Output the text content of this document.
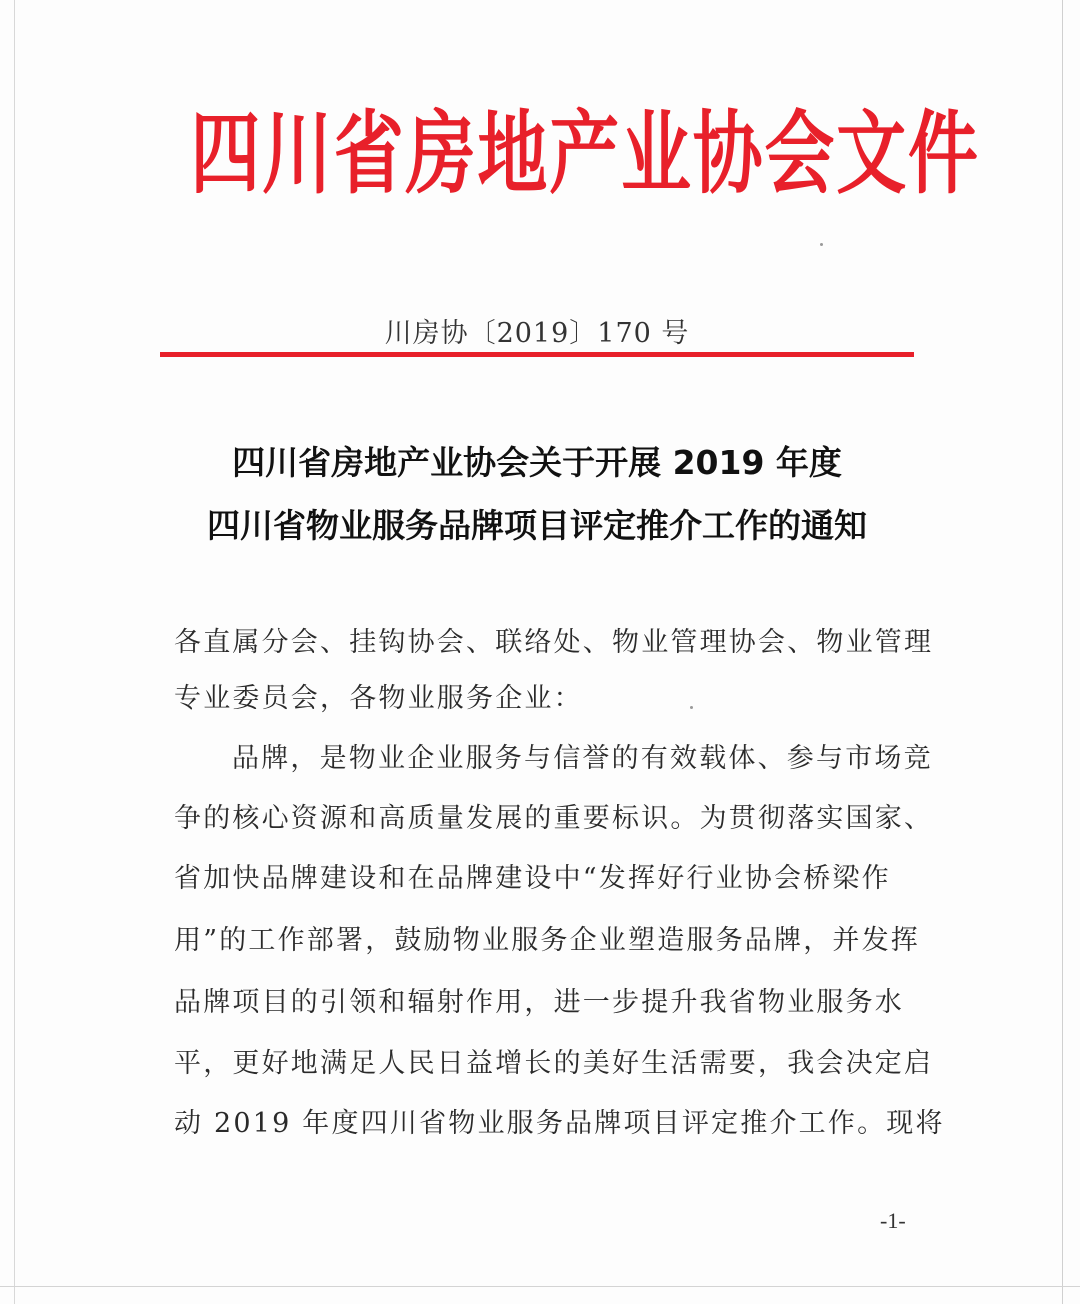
四川省房地产业协会文件
川房协〔2019〕170 号
四川省房地产业协会关于开展 2019 年度
四川省物业服务品牌项目评定推介工作的通知
各直属分会、挂钩协会、联络处、物业管理协会、物业管理
专业委员会，各物业服务企业：
品牌，是物业企业服务与信誉的有效载体、参与市场竞
争的核心资源和高质量发展的重要标识。为贯彻落实国家、
省加快品牌建设和在品牌建设中“发挥好行业协会桥梁作
用”的工作部署，鼓励物业服务企业塑造服务品牌，并发挥
品牌项目的引领和辐射作用，进一步提升我省物业服务水
平，更好地满足人民日益增长的美好生活需要，我会决定启
动 2019 年度四川省物业服务品牌项目评定推介工作。现将
-1-
